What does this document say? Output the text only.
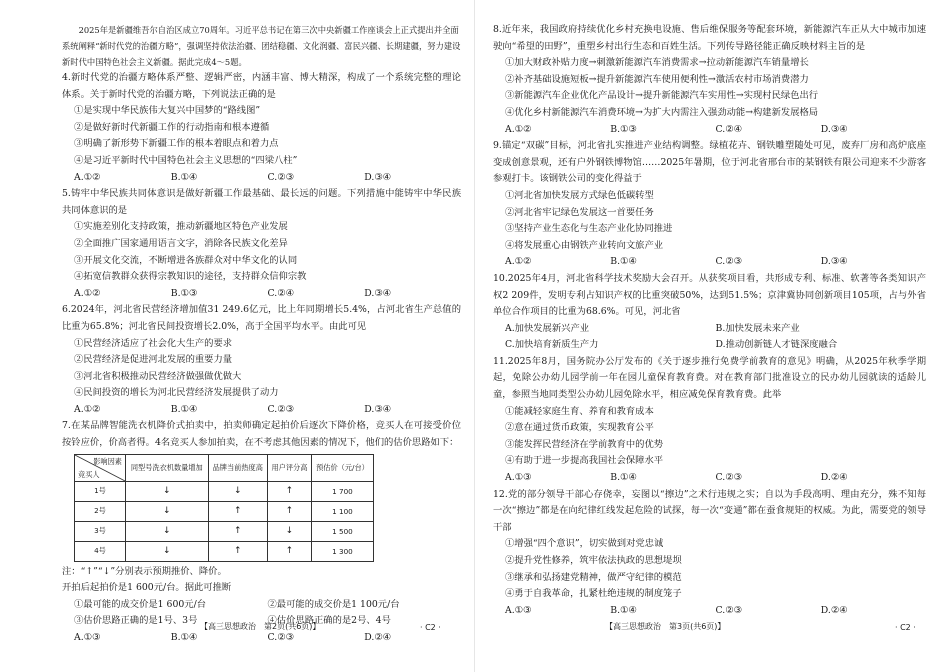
2025年是新疆维吾尔自治区成立70周年。习近平总书记在第三次中央新疆工作座谈会上正式提出并全面系统阐释“新时代党的治疆方略”，强调坚持依法治疆、团结稳疆、文化润疆、富民兴疆、长期建疆，努力建设新时代中国特色社会主义新疆。据此完成4～5题。

4.新时代党的治疆方略体系严整、逻辑严密，内涵丰富、博大精深，构成了一个系统完整的理论体系。关于新时代党的治疆方略，下列说法正确的是

①是实现中华民族伟大复兴中国梦的“路线图”

②是做好新时代新疆工作的行动指南和根本遵循

③明确了新形势下新疆工作的根本着眼点和着力点

④是习近平新时代中国特色社会主义思想的“四梁八柱”

A.①②	B.①④	C.②③	D.③④

5.铸牢中华民族共同体意识是做好新疆工作最基础、最长远的问题。下列措施中能铸牢中华民族共同体意识的是

①实施差别化支持政策，推动新疆地区特色产业发展

②全面推广国家通用语言文字，消除各民族文化差异

③开展文化交流，不断增进各族群众对中华文化的认同

④拓宽信教群众获得宗教知识的途径，支持群众信仰宗教

A.①②	B.①③	C.②④	D.③④

6.2024年，河北省民营经济增加值31 249.6亿元，比上年同期增长5.4%，占河北省生产总值的比重为65.8%；河北省民间投资增长2.0%，高于全国平均水平。由此可见

①民营经济适应了社会化大生产的要求

②民营经济是促进河北发展的重要力量

③河北省积极推动民营经济做强做优做大

④民间投资的增长为河北民营经济发展提供了动力

A.①②	B.①④	C.②③	D.③④

7.在某品牌智能洗衣机降价式拍卖中，拍卖师确定起拍价后逐次下降价格，竞买人在可接受价位按铃应价，价高者得。4名竞买人参加拍卖，在不考虑其他因素的情况下，他们的估价思路如下：

影响因素
竞买人	同型号洗衣机数量增加	品牌当前热度高	用户评分高	预估价（元/台）
1号	↓	↓	↑	1 700
2号	↓	↑	↑	1 100
3号	↓	↑	↓	1 500
4号	↓	↑	↑	1 300

注：“↑”“↓”分别表示预期推价、降价。

开拍后起拍价是1 600元/台。据此可推断

①最可能的成交价是1 600元/台	②最可能的成交价是1 100元/台
③估价思路正确的是1号、3号	④估价思路正确的是2号、4号
A.①③	B.①④	C.②③	D.②④
【高三思想政治　第2页(共6页)】	· C2 ·

8.近年来，我国政府持续优化乡村充换电设施、售后维保服务等配套环境，新能源汽车正从大中城市加速驶向“希望的田野”，重塑乡村出行生态和百姓生活。下列传导路径能正确反映材料主旨的是

①加大财政补贴力度→刺激新能源汽车消费需求→拉动新能源汽车销量增长

②补齐基础设施短板→提升新能源汽车使用便利性→激活农村市场消费潜力

③新能源汽车企业优化产品设计→提升新能源汽车实用性→实现村民绿色出行

④优化乡村新能源汽车消费环境→为扩大内需注入强劲动能→构建新发展格局

A.①②	B.①③	C.②④	D.③④

9.锚定“双碳”目标，河北省扎实推进产业结构调整。绿植花卉、钢铁雕塑随处可见，废弃厂房和高炉底座变成创意景观，还有户外钢铁博物馆……2025年暑期，位于河北省邢台市的某钢铁有限公司迎来不少游客参观打卡。该钢铁公司的变化得益于

①河北省加快发展方式绿色低碳转型

②河北省牢记绿色发展这一首要任务

③坚持产业生态化与生态产业化协同推进

④将发展重心由钢铁产业转向文旅产业

A.①②	B.①④	C.②③	D.③④

10.2025年4月，河北省科学技术奖励大会召开。从获奖项目看，共形成专利、标准、软著等各类知识产权2 209件，发明专利占知识产权的比重突破50%，达到51.5%；京津冀协同创新项目105项，占与外省单位合作项目的比重为68.6%。可见，河北省

A.加快发展新兴产业	B.加快发展未来产业
C.加快培育新质生产力	D.推动创新链人才链深度融合

11.2025年8月，国务院办公厅发布的《关于逐步推行免费学前教育的意见》明确，从2025年秋季学期起，免除公办幼儿园学前一年在园儿童保育教育费。对在教育部门批准设立的民办幼儿园就读的适龄儿童，参照当地同类型公办幼儿园免除水平，相应减免保育教育费。此举

①能减轻家庭生育、养育和教育成本

②意在通过货币政策，实现教育公平

③能发挥民营经济在学前教育中的优势

④有助于进一步提高我国社会保障水平

A.①③	B.①④	C.②③	D.②④

12.党的部分领导干部心存侥幸，妄图以“擦边”之术行违规之实；自以为手段高明、理由充分，殊不知每一次“擦边”都是在向纪律红线发起危险的试探，每一次“变通”都在蚕食规矩的权威。为此，需要党的领导干部

①增强“四个意识”，切实做到对党忠诚

②提升党性修养，筑牢依法执政的思想堤坝

③继承和弘扬建党精神，做严守纪律的模范

④勇于自我革命，扎紧杜绝违规的制度笼子

A.①③	B.①④	C.②③	D.②④
【高三思想政治　第3页(共6页)】	· C2 ·
